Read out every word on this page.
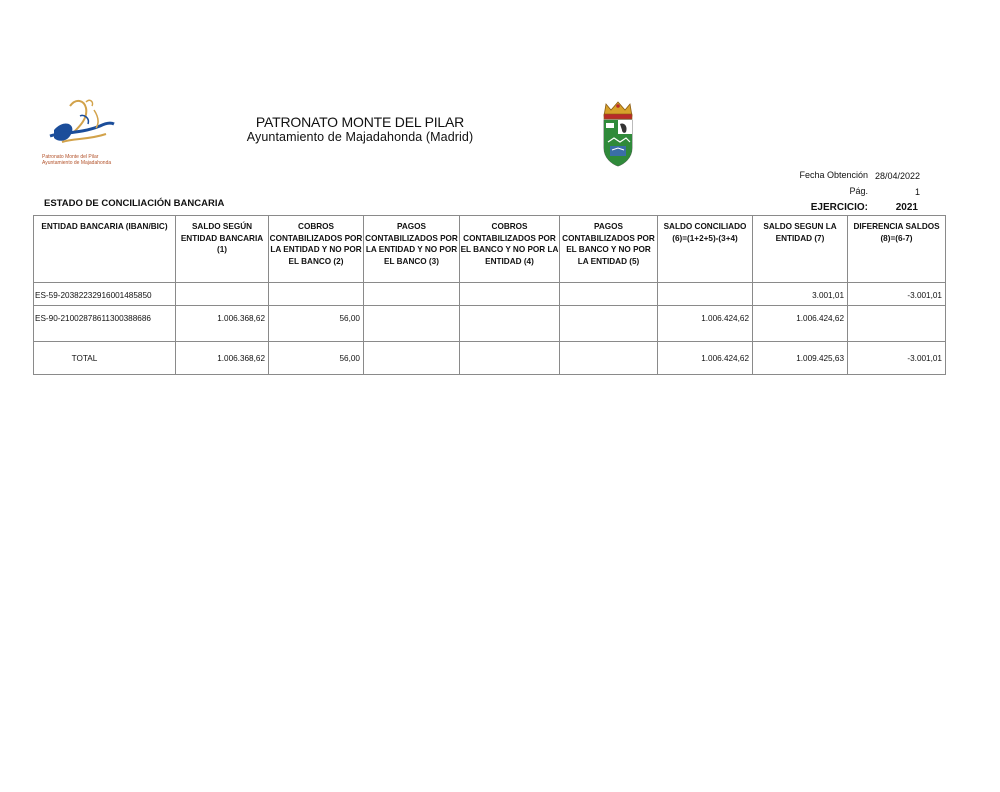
Patronato Monte del Pilar
Ayuntamiento de Majadahonda
PATRONATO MONTE DEL PILAR
Ayuntamiento de Majadahonda (Madrid)
Fecha Obtención 28/04/2022
Pág.	1
EJERCICIO:	2021
ESTADO DE CONCILIACIÓN BANCARIA
ENTIDAD BANCARIA (IBAN/BIC)	SALDO SEGÚN ENTIDAD BANCARIA (1)	COBROS CONTABILIZADOS POR LA ENTIDAD Y NO POR EL BANCO (2)	PAGOS CONTABILIZADOS POR LA ENTIDAD Y NO POR EL BANCO (3)	COBROS CONTABILIZADOS POR EL BANCO Y NO POR LA ENTIDAD (4)	PAGOS CONTABILIZADOS POR EL BANCO Y NO POR LA ENTIDAD (5)	SALDO CONCILIADO (6)=(1+2+5)-(3+4)	SALDO SEGUN LA ENTIDAD (7)	DIFERENCIA SALDOS (8)=(6-7)
ES-59-20382232916001485850							3.001,01	-3.001,01
ES-90-21002878611300388686	1.006.368,62	56,00				1.006.424,62	1.006.424,62	
TOTAL	1.006.368,62	56,00				1.006.424,62	1.009.425,63	-3.001,01
